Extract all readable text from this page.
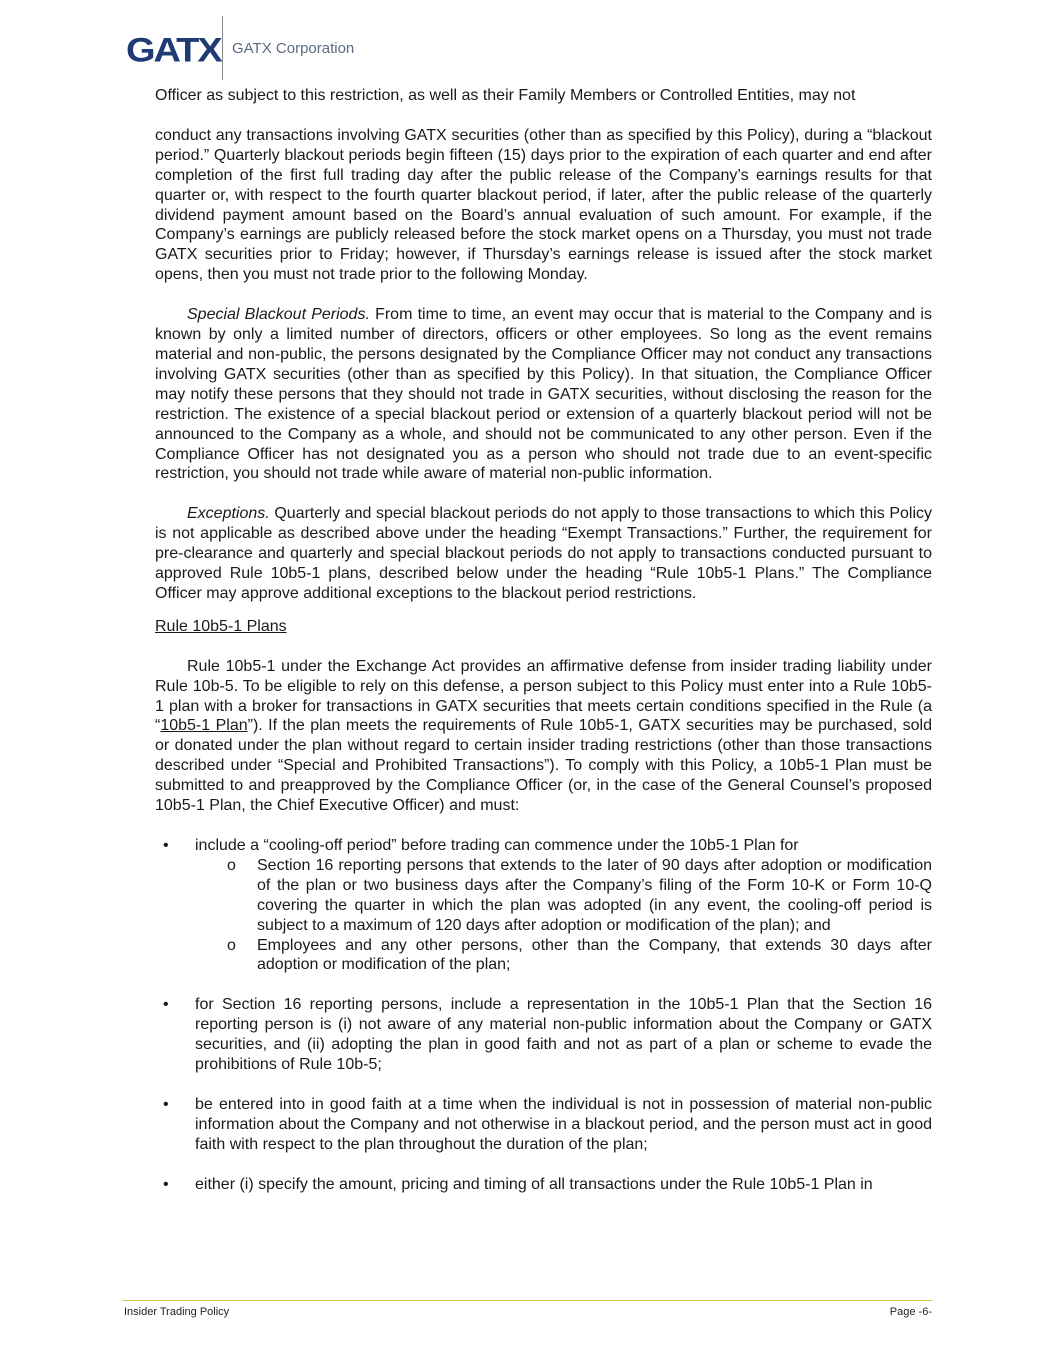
GATX GATX Corporation

Officer as subject to this restriction, as well as their Family Members or Controlled Entities, may not

conduct any transactions involving GATX securities (other than as specified by this Policy), during a “blackout period.” Quarterly blackout periods begin fifteen (15) days prior to the expiration of each quarter and end after completion of the first full trading day after the public release of the Company’s earnings results for that quarter or, with respect to the fourth quarter blackout period, if later, after the public release of the quarterly dividend payment amount based on the Board’s annual evaluation of such amount. For example, if the Company’s earnings are publicly released before the stock market opens on a Thursday, you must not trade GATX securities prior to Friday; however, if Thursday’s earnings release is issued after the stock market opens, then you must not trade prior to the following Monday.

Special Blackout Periods. From time to time, an event may occur that is material to the Company and is known by only a limited number of directors, officers or other employees. So long as the event remains material and non-public, the persons designated by the Compliance Officer may not conduct any transactions involving GATX securities (other than as specified by this Policy). In that situation, the Compliance Officer may notify these persons that they should not trade in GATX securities, without disclosing the reason for the restriction. The existence of a special blackout period or extension of a quarterly blackout period will not be announced to the Company as a whole, and should not be communicated to any other person. Even if the Compliance Officer has not designated you as a person who should not trade due to an event-specific restriction, you should not trade while aware of material non-public information.

Exceptions. Quarterly and special blackout periods do not apply to those transactions to which this Policy is not applicable as described above under the heading “Exempt Transactions.” Further, the requirement for pre-clearance and quarterly and special blackout periods do not apply to transactions conducted pursuant to approved Rule 10b5-1 plans, described below under the heading “Rule 10b5-1 Plans.” The Compliance Officer may approve additional exceptions to the blackout period restrictions.

Rule 10b5-1 Plans

Rule 10b5-1 under the Exchange Act provides an affirmative defense from insider trading liability under Rule 10b-5. To be eligible to rely on this defense, a person subject to this Policy must enter into a Rule 10b5-1 plan with a broker for transactions in GATX securities that meets certain conditions specified in the Rule (a “10b5-1 Plan”). If the plan meets the requirements of Rule 10b5-1, GATX securities may be purchased, sold or donated under the plan without regard to certain insider trading restrictions (other than those transactions described under “Special and Prohibited Transactions”). To comply with this Policy, a 10b5-1 Plan must be submitted to and preapproved by the Compliance Officer (or, in the case of the General Counsel’s proposed 10b5-1 Plan, the Chief Executive Officer) and must:

• include a “cooling-off period” before trading can commence under the 10b5-1 Plan for
o Section 16 reporting persons that extends to the later of 90 days after adoption or modification of the plan or two business days after the Company’s filing of the Form 10-K or Form 10-Q covering the quarter in which the plan was adopted (in any event, the cooling-off period is subject to a maximum of 120 days after adoption or modification of the plan); and
o Employees and any other persons, other than the Company, that extends 30 days after adoption or modification of the plan;
• for Section 16 reporting persons, include a representation in the 10b5-1 Plan that the Section 16 reporting person is (i) not aware of any material non-public information about the Company or GATX securities, and (ii) adopting the plan in good faith and not as part of a plan or scheme to evade the prohibitions of Rule 10b-5;
• be entered into in good faith at a time when the individual is not in possession of material non-public information about the Company and not otherwise in a blackout period, and the person must act in good faith with respect to the plan throughout the duration of the plan;
• either (i) specify the amount, pricing and timing of all transactions under the Rule 10b5-1 Plan in
Insider Trading Policy	Page -6-
